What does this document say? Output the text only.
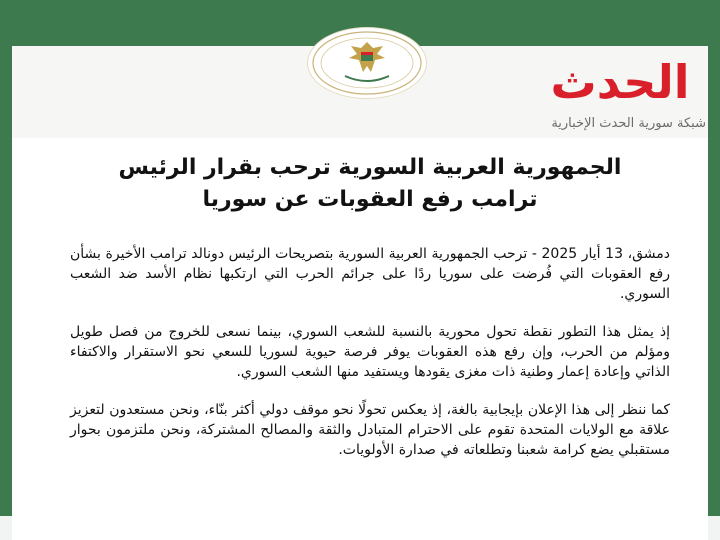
الجمهورية العربية السورية ترحب بقرار الرئيس
ترامب رفع العقوبات عن سوريا

دمشق، 13 أيار 2025 - ترحب الجمهورية العربية السورية بتصريحات الرئيس دونالد ترامب الأخيرة بشأن رفع العقوبات التي فُرضت على سوريا ردًا على جرائم الحرب التي ارتكبها نظام الأسد ضد الشعب السوري.

إذ يمثل هذا التطور نقطة تحول محورية بالنسبة للشعب السوري، بينما نسعى للخروج من فصل طويل ومؤلم من الحرب، وإن رفع هذه العقوبات يوفر فرصة حيوية لسوريا للسعي نحو الاستقرار والاكتفاء الذاتي وإعادة إعمار وطنية ذات مغزى يقودها ويستفيد منها الشعب السوري.

كما ننظر إلى هذا الإعلان بإيجابية بالغة، إذ يعكس تحولًا نحو موقف دولي أكثر بنّاء، ونحن مستعدون لتعزيز علاقة مع الولايات المتحدة تقوم على الاحترام المتبادل والثقة والمصالح المشتركة، ونحن ملتزمون بحوار مستقبلي يضع كرامة شعبنا وتطلعاته في صدارة الأولويات.

الحدث
شبكة سورية الحدث الإخبارية
